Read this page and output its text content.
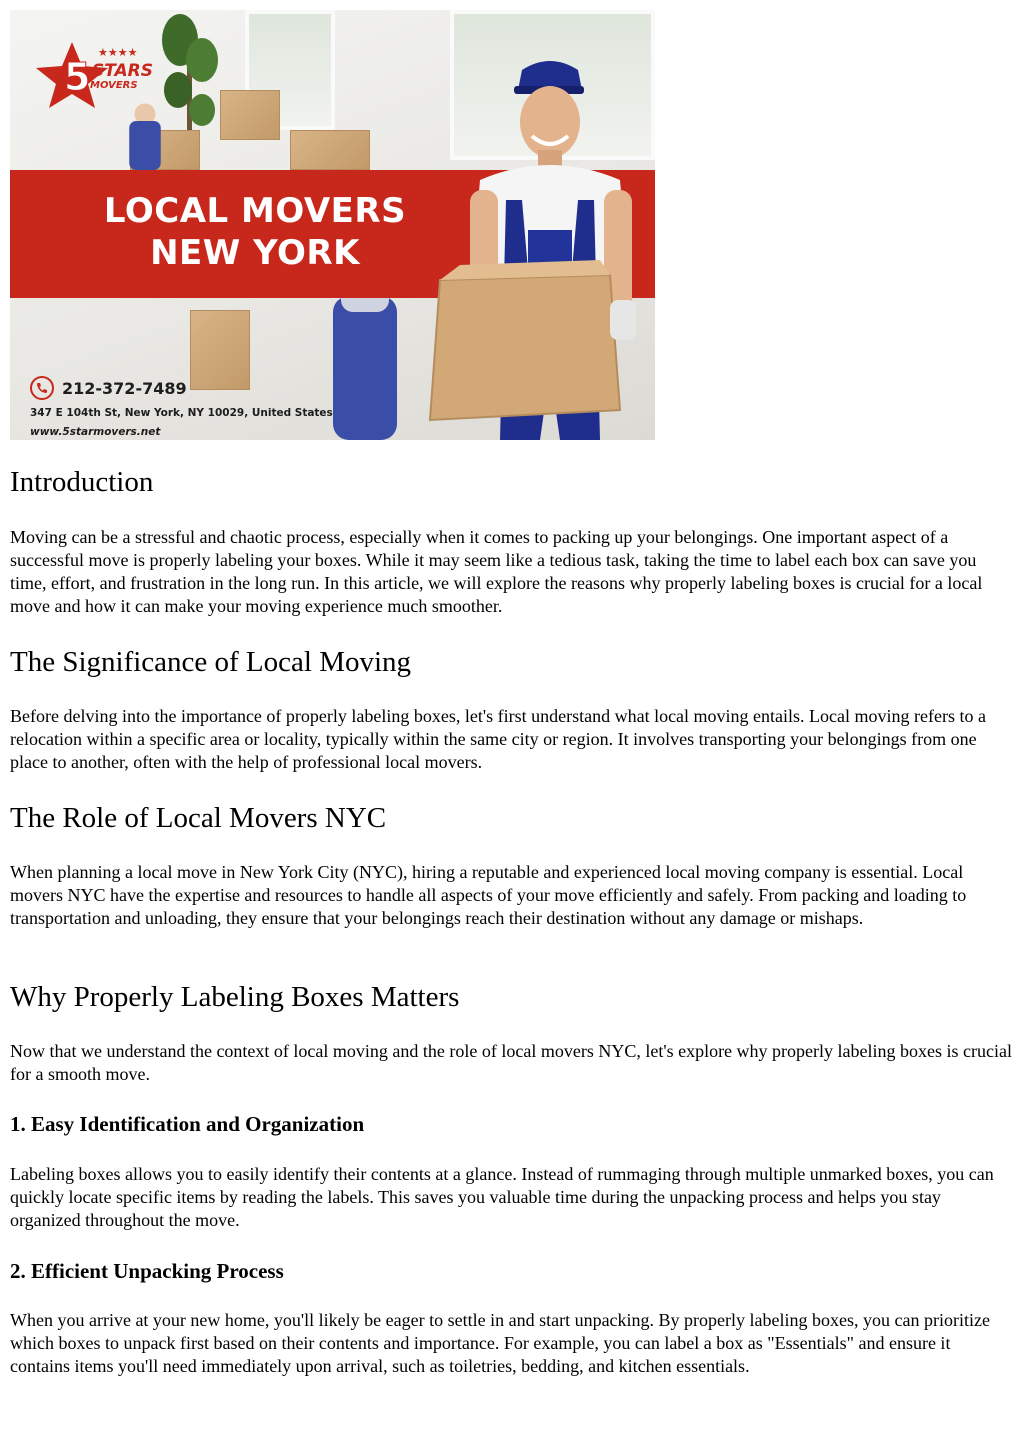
5
★★★★
STARS
MOVERS
LOCAL MOVERS
NEW YORK
212-372-7489
347 E 104th St, New York, NY 10029, United States
www.5starmovers.net
Introduction

Moving can be a stressful and chaotic process, especially when it comes to packing up your belongings. One important aspect of a successful move is properly labeling your boxes. While it may seem like a tedious task, taking the time to label each box can save you time, effort, and frustration in the long run. In this article, we will explore the reasons why properly labeling boxes is crucial for a local move and how it can make your moving experience much smoother.

The Significance of Local Moving

Before delving into the importance of properly labeling boxes, let's first understand what local moving entails. Local moving refers to a relocation within a specific area or locality, typically within the same city or region. It involves transporting your belongings from one place to another, often with the help of professional local movers.

The Role of Local Movers NYC

When planning a local move in New York City (NYC), hiring a reputable and experienced local moving company is essential. Local movers NYC have the expertise and resources to handle all aspects of your move efficiently and safely. From packing and loading to transportation and unloading, they ensure that your belongings reach their destination without any damage or mishaps.

Why Properly Labeling Boxes Matters

Now that we understand the context of local moving and the role of local movers NYC, let's explore why properly labeling boxes is crucial for a smooth move.

1. Easy Identification and Organization

Labeling boxes allows you to easily identify their contents at a glance. Instead of rummaging through multiple unmarked boxes, you can quickly locate specific items by reading the labels. This saves you valuable time during the unpacking process and helps you stay organized throughout the move.

2. Efficient Unpacking Process

When you arrive at your new home, you'll likely be eager to settle in and start unpacking. By properly labeling boxes, you can prioritize which boxes to unpack first based on their contents and importance. For example, you can label a box as "Essentials" and ensure it contains items you'll need immediately upon arrival, such as toiletries, bedding, and kitchen essentials.
